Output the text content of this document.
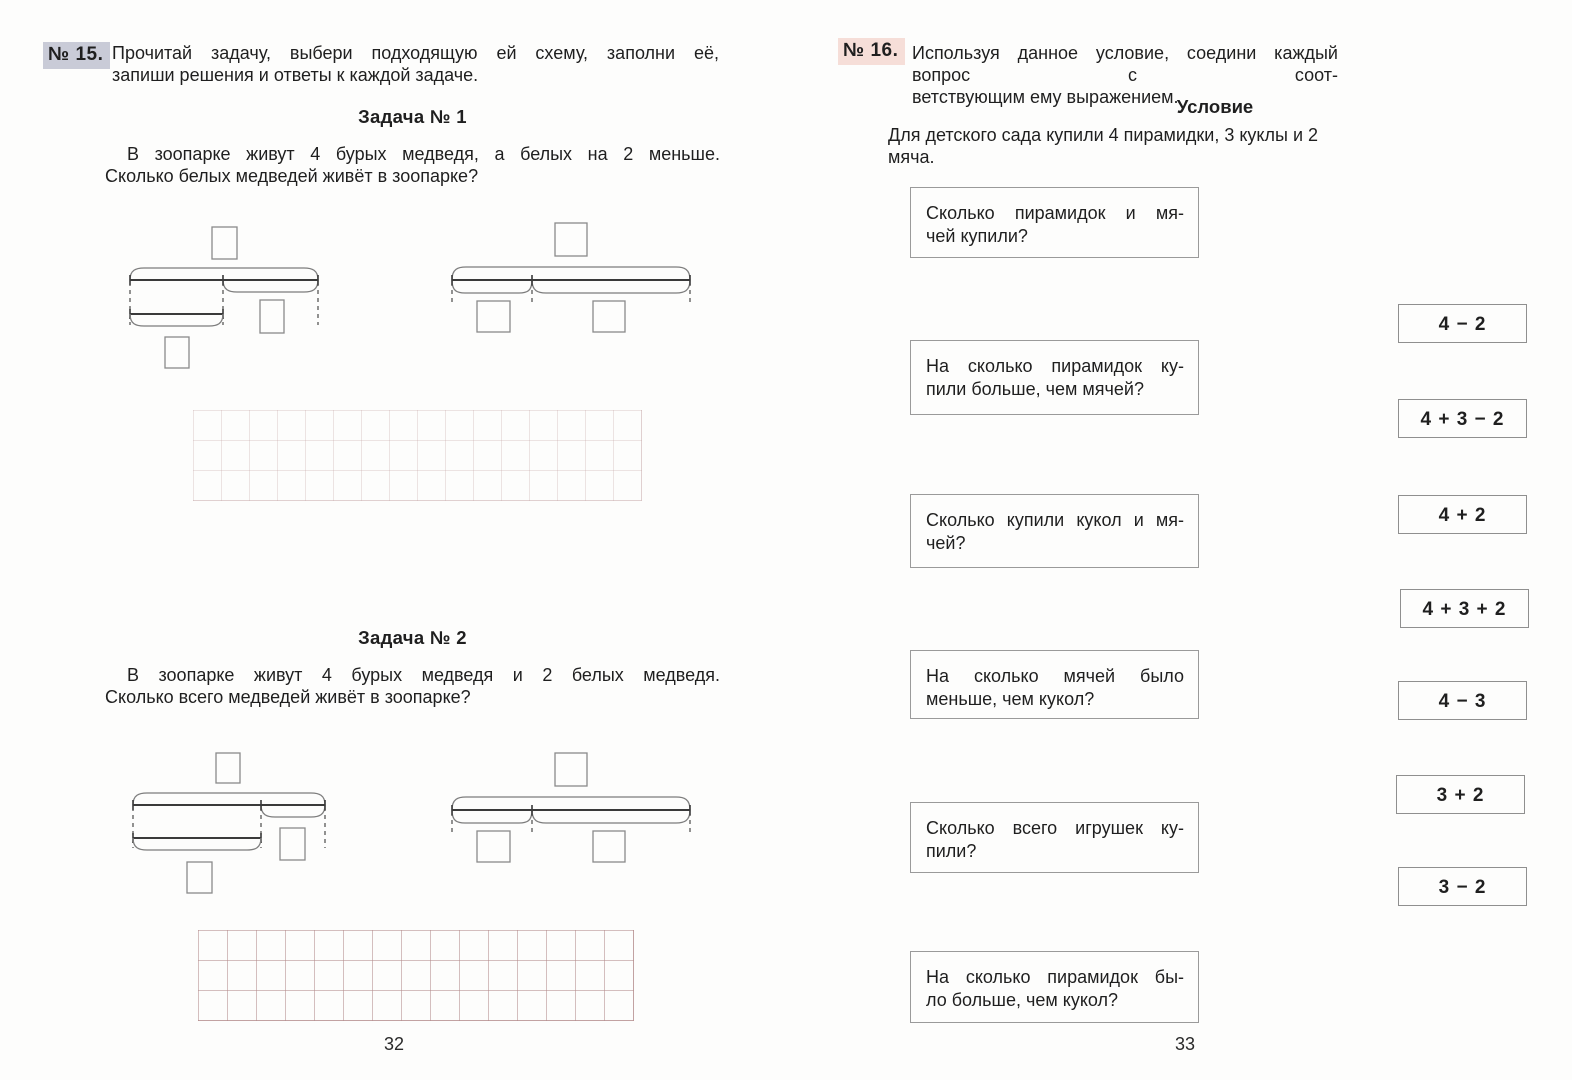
№ 15. Прочитай задачу, выбери подходящую ей схему, заполни её,
запиши решения и ответы к каждой задаче.
Задача № 1
В зоопарке живут 4 бурых медведя, а белых на 2 меньше.
Сколько белых медведей живёт в зоопарке?
Задача № 2
В зоопарке живут 4 бурых медведя и 2 белых медведя.
Сколько всего медведей живёт в зоопарке?
32
№ 16. Используя данное условие, соедини каждый вопрос с соот-
ветствующим ему выражением.
Условие
Для детского сада купили 4 пирамидки, 3 куклы и 2 мяча.
Сколько пирамидок и мя-
чей купили?
На сколько пирамидок ку-
пили больше, чем мячей?
Сколько купили кукол и мя-
чей?
На сколько мячей было
меньше, чем кукол?
Сколько всего игрушек ку-
пили?
На сколько пирамидок бы-
ло больше, чем кукол?
4 − 2
4 + 3 − 2
4 + 2
4 + 3 + 2
4 − 3
3 + 2
3 − 2
33
